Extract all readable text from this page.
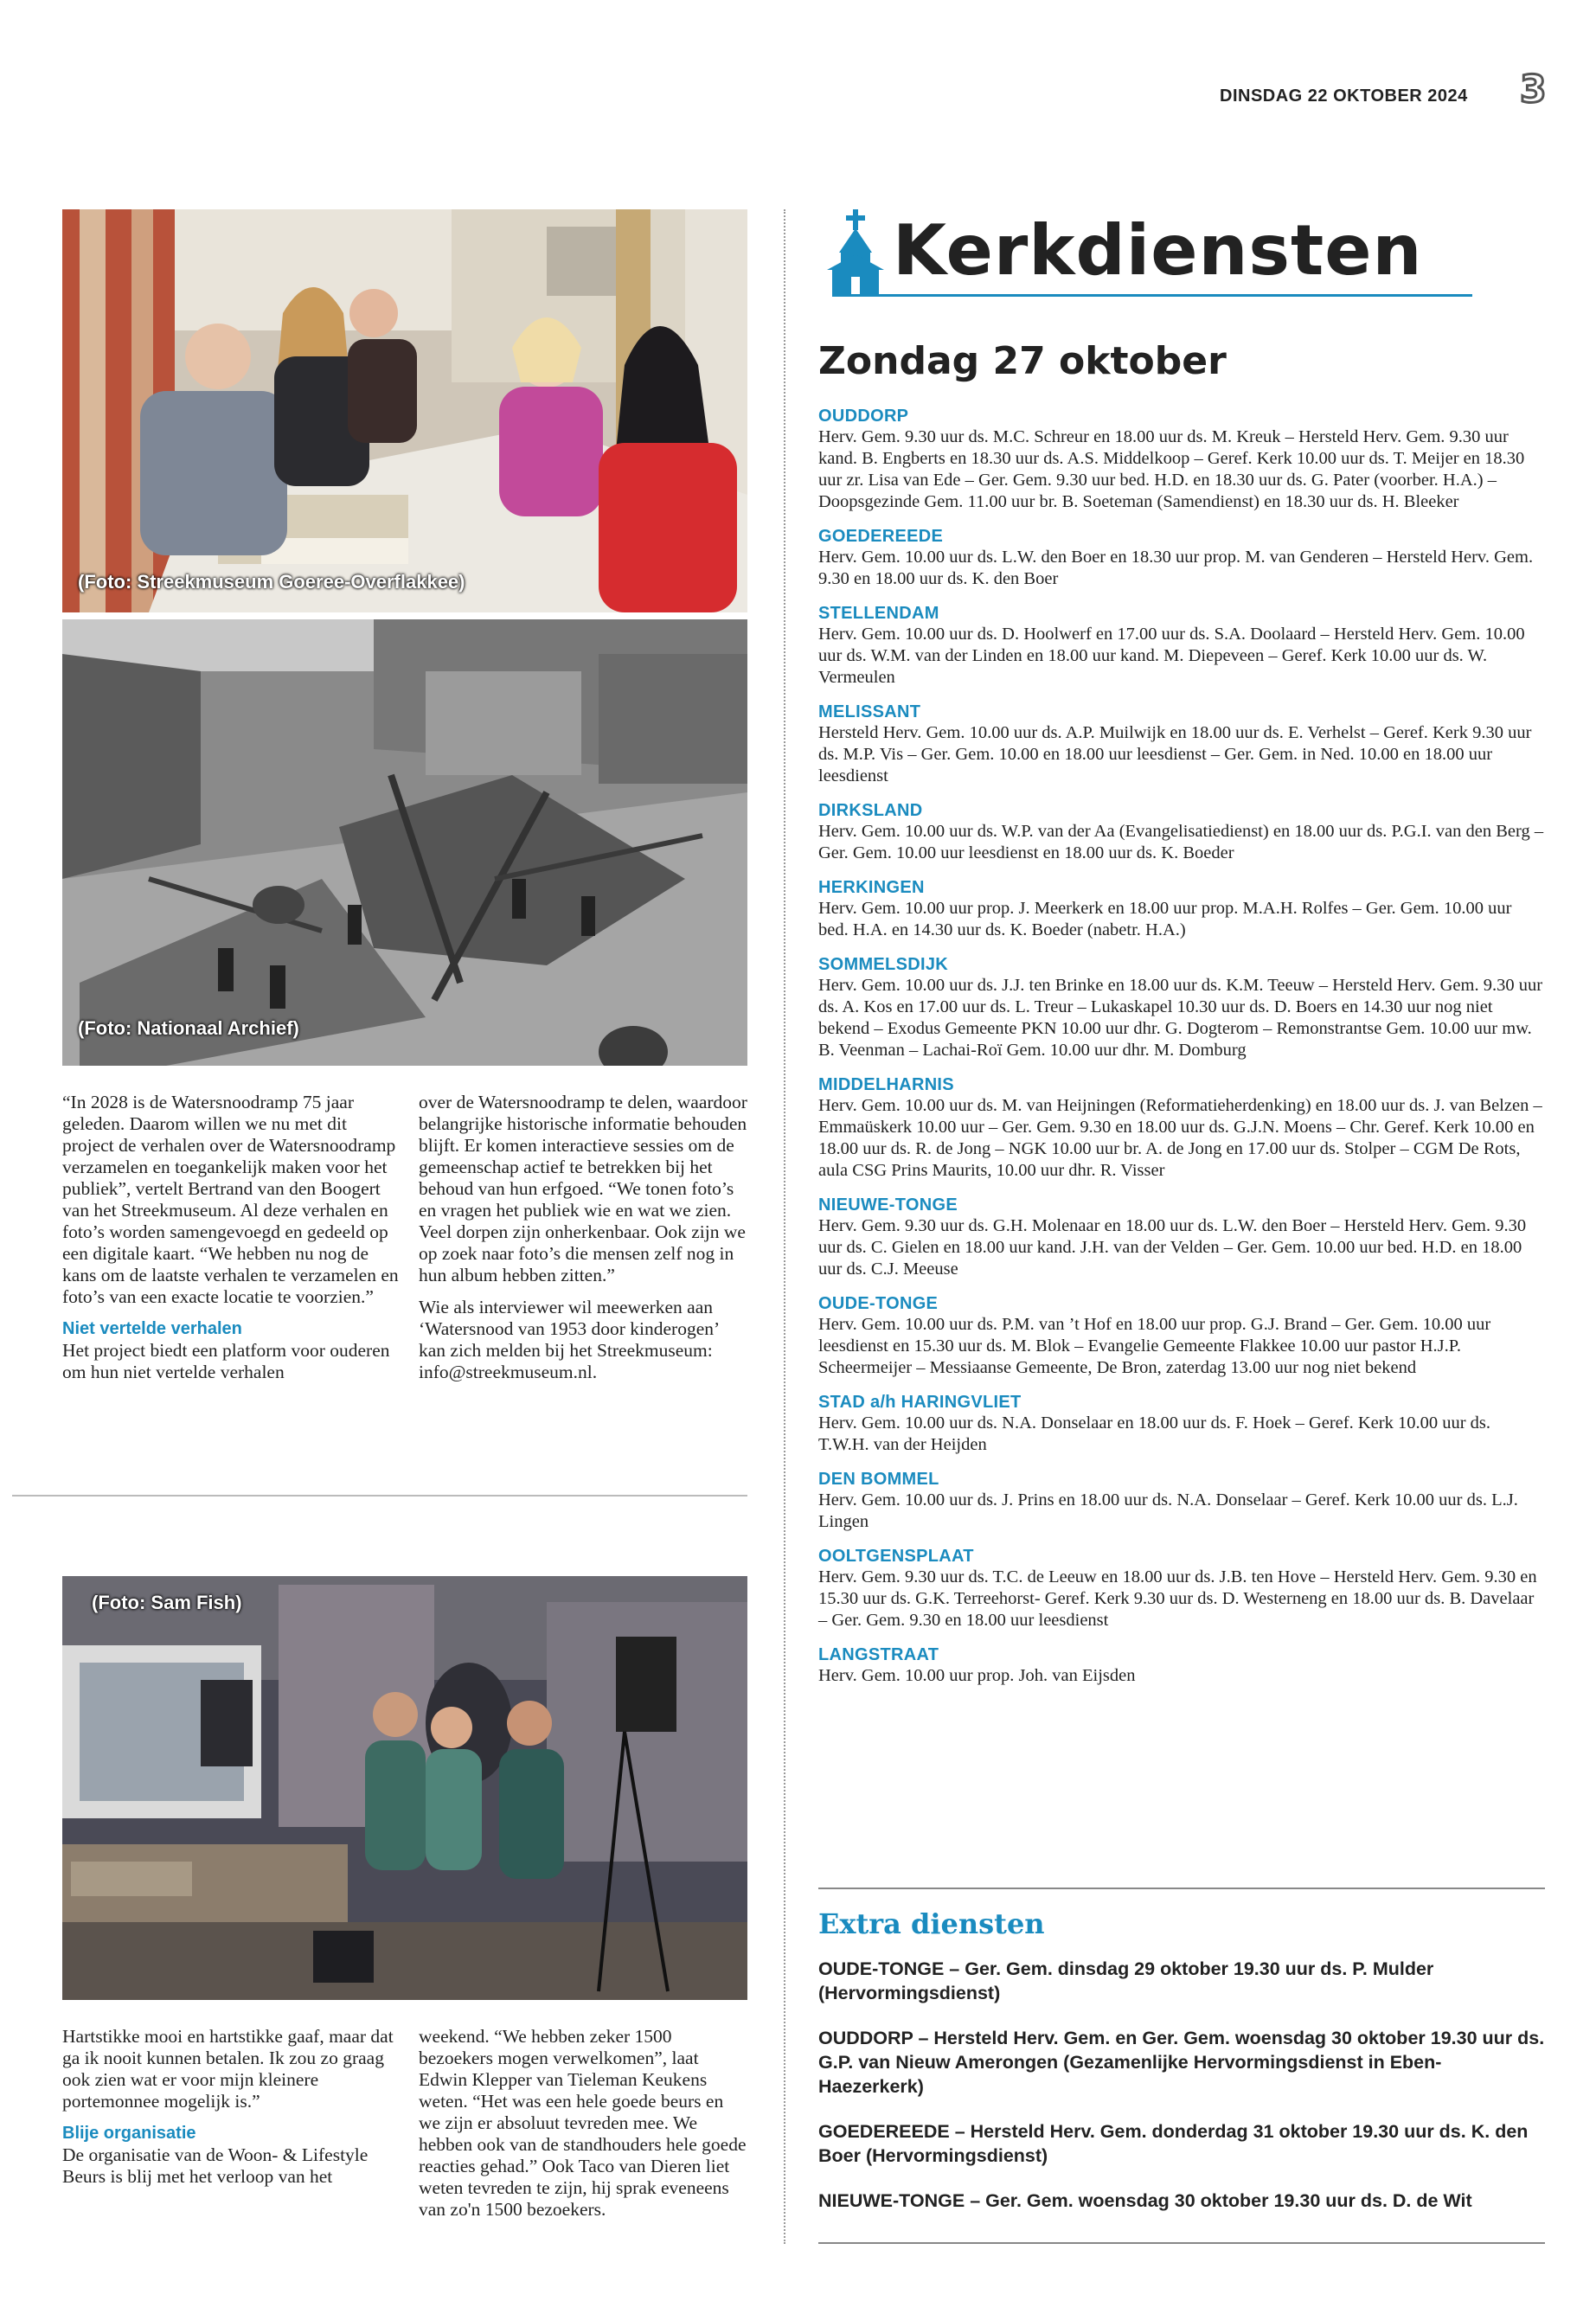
DINSDAG 22 OKTOBER 2024 3
(Foto: Streekmuseum Goeree-Overflakkee)
(Foto: Nationaal Archief)

“In 2028 is de Watersnoodramp 75 jaar geleden. Daarom willen we nu met dit project de verhalen over de Watersnoodramp verzamelen en toegankelijk maken voor het publiek”, vertelt Bertrand van den Boogert van het Streekmuseum. Al deze verhalen en foto’s worden samengevoegd en gedeeld op een digitale kaart. “We hebben nu nog de kans om de laatste verhalen te verzamelen en foto’s van een exacte locatie te voorzien.”

Niet vertelde verhalen

Het project biedt een platform voor ouderen om hun niet vertelde verhalen

over de Watersnoodramp te delen, waardoor belangrijke historische informatie behouden blijft. Er komen interactieve sessies om de gemeenschap actief te betrekken bij het behoud van hun erfgoed. “We tonen foto’s en vragen het publiek wie en wat we zien. Veel dorpen zijn onherkenbaar. Ook zijn we op zoek naar foto’s die mensen zelf nog in hun album hebben zitten.”

Wie als interviewer wil meewerken aan ‘Watersnood van 1953 door kinderogen’ kan zich melden bij het Streekmuseum: info@streekmuseum.nl.

(Foto: Sam Fish)

Hartstikke mooi en hartstikke gaaf, maar dat ga ik nooit kunnen betalen. Ik zou zo graag ook zien wat er voor mijn kleinere portemonnee mogelijk is.”

Blije organisatie

De organisatie van de Woon- & Lifestyle Beurs is blij met het verloop van het

weekend. “We hebben zeker 1500 bezoekers mogen verwelkomen”, laat Edwin Klepper van Tieleman Keukens weten. “Het was een hele goede beurs en we zijn er absoluut tevreden mee. We hebben ook van de standhouders hele goede reacties gehad.” Ook Taco van Dieren liet weten tevreden te zijn, hij sprak eveneens van zo'n 1500 bezoekers.

Kerkdiensten
Zondag 27 oktober
OUDDORP
Herv. Gem. 9.30 uur ds. M.C. Schreur en 18.00 uur ds. M. Kreuk – Hersteld Herv. Gem. 9.30 uur kand. B. Engberts en 18.30 uur ds. A.S. Middelkoop – Geref. Kerk 10.00 uur ds. T. Meijer en 18.30 uur zr. Lisa van Ede – Ger. Gem. 9.30 uur bed. H.D. en 18.30 uur ds. G. Pater (voorber. H.A.) – Doopsgezinde Gem. 11.00 uur br. B. Soeteman (Samendienst) en 18.30 uur ds. H. Bleeker
GOEDEREEDE
Herv. Gem. 10.00 uur ds. L.W. den Boer en 18.30 uur prop. M. van Genderen – Hersteld Herv. Gem. 9.30 en 18.00 uur ds. K. den Boer
STELLENDAM
Herv. Gem. 10.00 uur ds. D. Hoolwerf en 17.00 uur ds. S.A. Doolaard – Hersteld Herv. Gem. 10.00 uur ds. W.M. van der Linden en 18.00 uur kand. M. Diepeveen – Geref. Kerk 10.00 uur ds. W. Vermeulen
MELISSANT
Hersteld Herv. Gem. 10.00 uur ds. A.P. Muilwijk en 18.00 uur ds. E. Verhelst – Geref. Kerk 9.30 uur ds. M.P. Vis – Ger. Gem. 10.00 en 18.00 uur leesdienst – Ger. Gem. in Ned. 10.00 en 18.00 uur leesdienst
DIRKSLAND
Herv. Gem. 10.00 uur ds. W.P. van der Aa (Evangelisatiedienst) en 18.00 uur ds. P.G.I. van den Berg – Ger. Gem. 10.00 uur leesdienst en 18.00 uur ds. K. Boeder
HERKINGEN
Herv. Gem. 10.00 uur prop. J. Meerkerk en 18.00 uur prop. M.A.H. Rolfes – Ger. Gem. 10.00 uur bed. H.A. en 14.30 uur ds. K. Boeder (nabetr. H.A.)
SOMMELSDIJK
Herv. Gem. 10.00 uur ds. J.J. ten Brinke en 18.00 uur ds. K.M. Teeuw – Hersteld Herv. Gem. 9.30 uur ds. A. Kos en 17.00 uur ds. L. Treur – Lukaskapel 10.30 uur ds. D. Boers en 14.30 uur nog niet bekend – Exodus Gemeente PKN 10.00 uur dhr. G. Dogterom – Remonstrantse Gem. 10.00 uur mw. B. Veenman – Lachai-Roï Gem. 10.00 uur dhr. M. Domburg
MIDDELHARNIS
Herv. Gem. 10.00 uur ds. M. van Heijningen (Reformatieherdenking) en 18.00 uur ds. J. van Belzen – Emmaüskerk 10.00 uur – Ger. Gem. 9.30 en 18.00 uur ds. G.J.N. Moens – Chr. Geref. Kerk 10.00 en 18.00 uur ds. R. de Jong – NGK 10.00 uur br. A. de Jong en 17.00 uur ds. Stolper – CGM De Rots, aula CSG Prins Maurits, 10.00 uur dhr. R. Visser
NIEUWE-TONGE
Herv. Gem. 9.30 uur ds. G.H. Molenaar en 18.00 uur ds. L.W. den Boer – Hersteld Herv. Gem. 9.30 uur ds. C. Gielen en 18.00 uur kand. J.H. van der Velden – Ger. Gem. 10.00 uur bed. H.D. en 18.00 uur ds. C.J. Meeuse
OUDE-TONGE
Herv. Gem. 10.00 uur ds. P.M. van ’t Hof en 18.00 uur prop. G.J. Brand – Ger. Gem. 10.00 uur leesdienst en 15.30 uur ds. M. Blok – Evangelie Gemeente Flakkee 10.00 uur pastor H.J.P. Scheermeijer – Messiaanse Gemeente, De Bron, zaterdag 13.00 uur nog niet bekend
STAD a/h HARINGVLIET
Herv. Gem. 10.00 uur ds. N.A. Donselaar en 18.00 uur ds. F. Hoek – Geref. Kerk 10.00 uur ds. T.W.H. van der Heijden
DEN BOMMEL
Herv. Gem. 10.00 uur ds. J. Prins en 18.00 uur ds. N.A. Donselaar – Geref. Kerk 10.00 uur ds. L.J. Lingen
OOLTGENSPLAAT
Herv. Gem. 9.30 uur ds. T.C. de Leeuw en 18.00 uur ds. J.B. ten Hove – Hersteld Herv. Gem. 9.30 en 15.30 uur ds. G.K. Terreehorst- Geref. Kerk 9.30 uur ds. D. Westerneng en 18.00 uur ds. B. Davelaar – Ger. Gem. 9.30 en 18.00 uur leesdienst
LANGSTRAAT
Herv. Gem. 10.00 uur prop. Joh. van Eijsden
Extra diensten
OUDE-TONGE – Ger. Gem. dinsdag 29 oktober 19.30 uur ds. P. Mulder (Hervormingsdienst)
OUDDORP – Hersteld Herv. Gem. en Ger. Gem. woensdag 30 oktober 19.30 uur ds. G.P. van Nieuw Amerongen (Gezamenlijke Hervormingsdienst in Eben-Haezerkerk)
GOEDEREEDE – Hersteld Herv. Gem. donderdag 31 oktober 19.30 uur ds. K. den Boer (Hervormingsdienst)
NIEUWE-TONGE – Ger. Gem. woensdag 30 oktober 19.30 uur ds. D. de Wit
